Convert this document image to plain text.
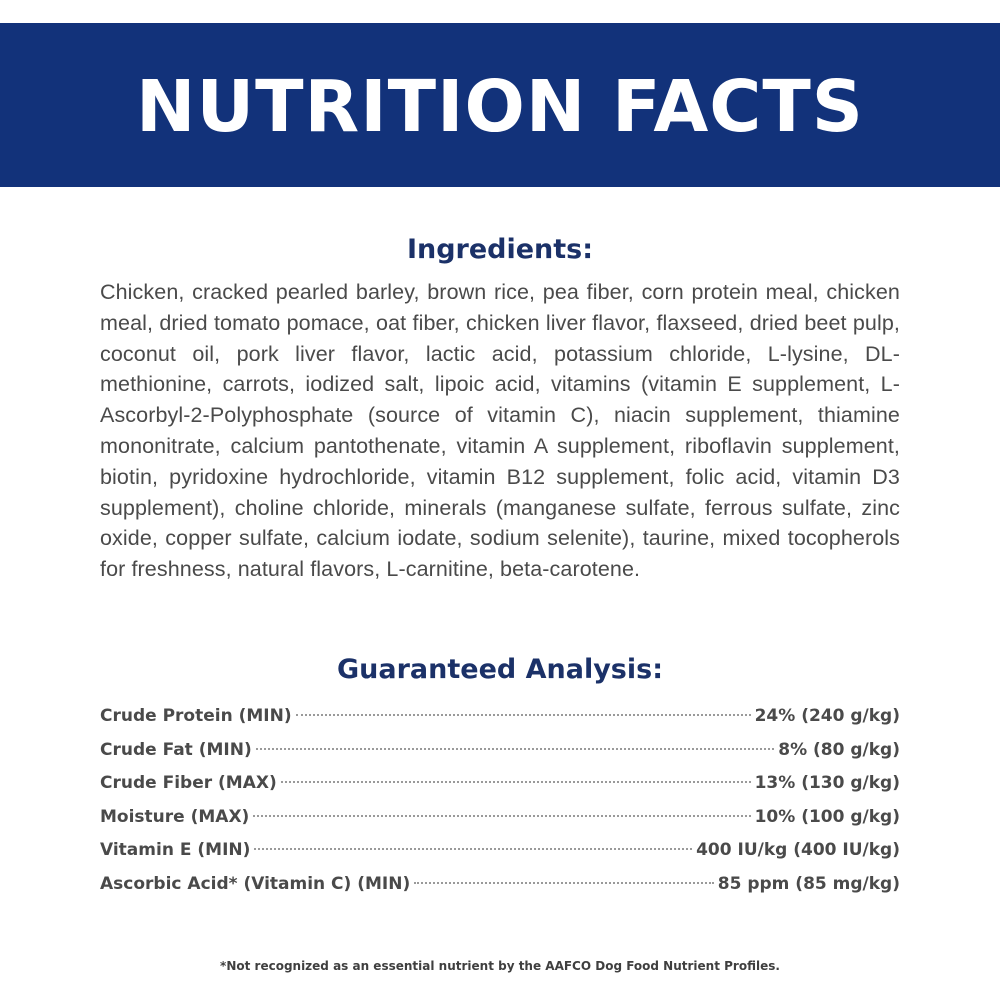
NUTRITION FACTS
Ingredients:

Chicken, cracked pearled barley, brown rice, pea fiber, corn protein meal, chicken meal, dried tomato pomace, oat fiber, chicken liver flavor, flaxseed, dried beet pulp, coconut oil, pork liver flavor, lactic acid, potassium chloride, L-lysine, DL-methionine, carrots, iodized salt, lipoic acid, vitamins (vitamin E supplement, L-Ascorbyl-2-Polyphosphate (source of vitamin C), niacin supplement, thiamine mononitrate, calcium pantothenate, vitamin A supplement, riboflavin supplement, biotin, pyridoxine hydrochloride, vitamin B12 supplement, folic acid, vitamin D3 supplement), choline chloride, minerals (manganese sulfate, ferrous sulfate, zinc oxide, copper sulfate, calcium iodate, sodium selenite), taurine, mixed tocopherols for freshness, natural flavors, L-carnitine, beta-carotene.

Guaranteed Analysis:
Crude Protein (MIN)	24% (240 g/kg)
Crude Fat (MIN)	8% (80 g/kg)
Crude Fiber (MAX)	13% (130 g/kg)
Moisture (MAX)	10% (100 g/kg)
Vitamin E (MIN)	400 IU/kg (400 IU/kg)
Ascorbic Acid* (Vitamin C) (MIN)	85 ppm (85 mg/kg)
*Not recognized as an essential nutrient by the AAFCO Dog Food Nutrient Profiles.
